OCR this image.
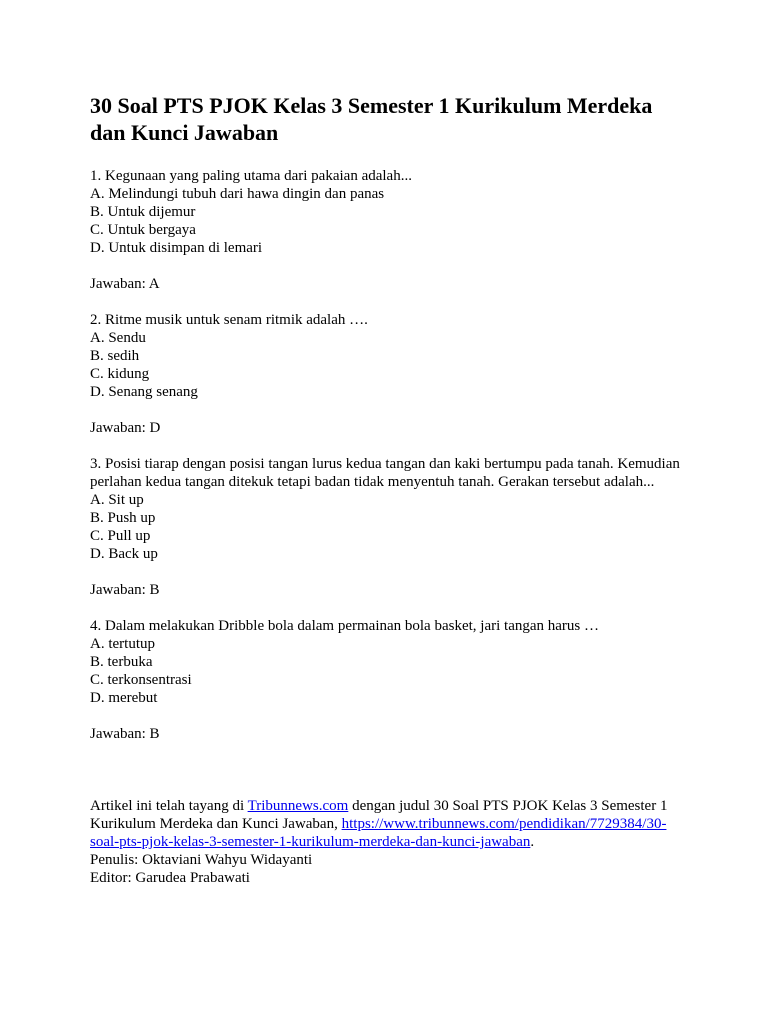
30 Soal PTS PJOK Kelas 3 Semester 1 Kurikulum Merdeka dan Kunci Jawaban
1. Kegunaan yang paling utama dari pakaian adalah...
A. Melindungi tubuh dari hawa dingin dan panas
B. Untuk dijemur
C. Untuk bergaya
D. Untuk disimpan di lemari
Jawaban: A
2. Ritme musik untuk senam ritmik adalah ….
A. Sendu
B. sedih
C. kidung
D. Senang senang
Jawaban: D
3. Posisi tiarap dengan posisi tangan lurus kedua tangan dan kaki bertumpu pada tanah. Kemudian perlahan kedua tangan ditekuk tetapi badan tidak menyentuh tanah. Gerakan tersebut adalah...
A. Sit up
B. Push up
C. Pull up
D. Back up
Jawaban: B
4. Dalam melakukan Dribble bola dalam permainan bola basket, jari tangan harus …
A. tertutup
B. terbuka
C. terkonsentrasi
D. merebut
Jawaban: B
Artikel ini telah tayang di Tribunnews.com dengan judul 30 Soal PTS PJOK Kelas 3 Semester 1 Kurikulum Merdeka dan Kunci Jawaban, https://www.tribunnews.com/pendidikan/7729384/30-soal-pts-pjok-kelas-3-semester-1-kurikulum-merdeka-dan-kunci-jawaban.
Penulis: Oktaviani Wahyu Widayanti
Editor: Garudea Prabawati
